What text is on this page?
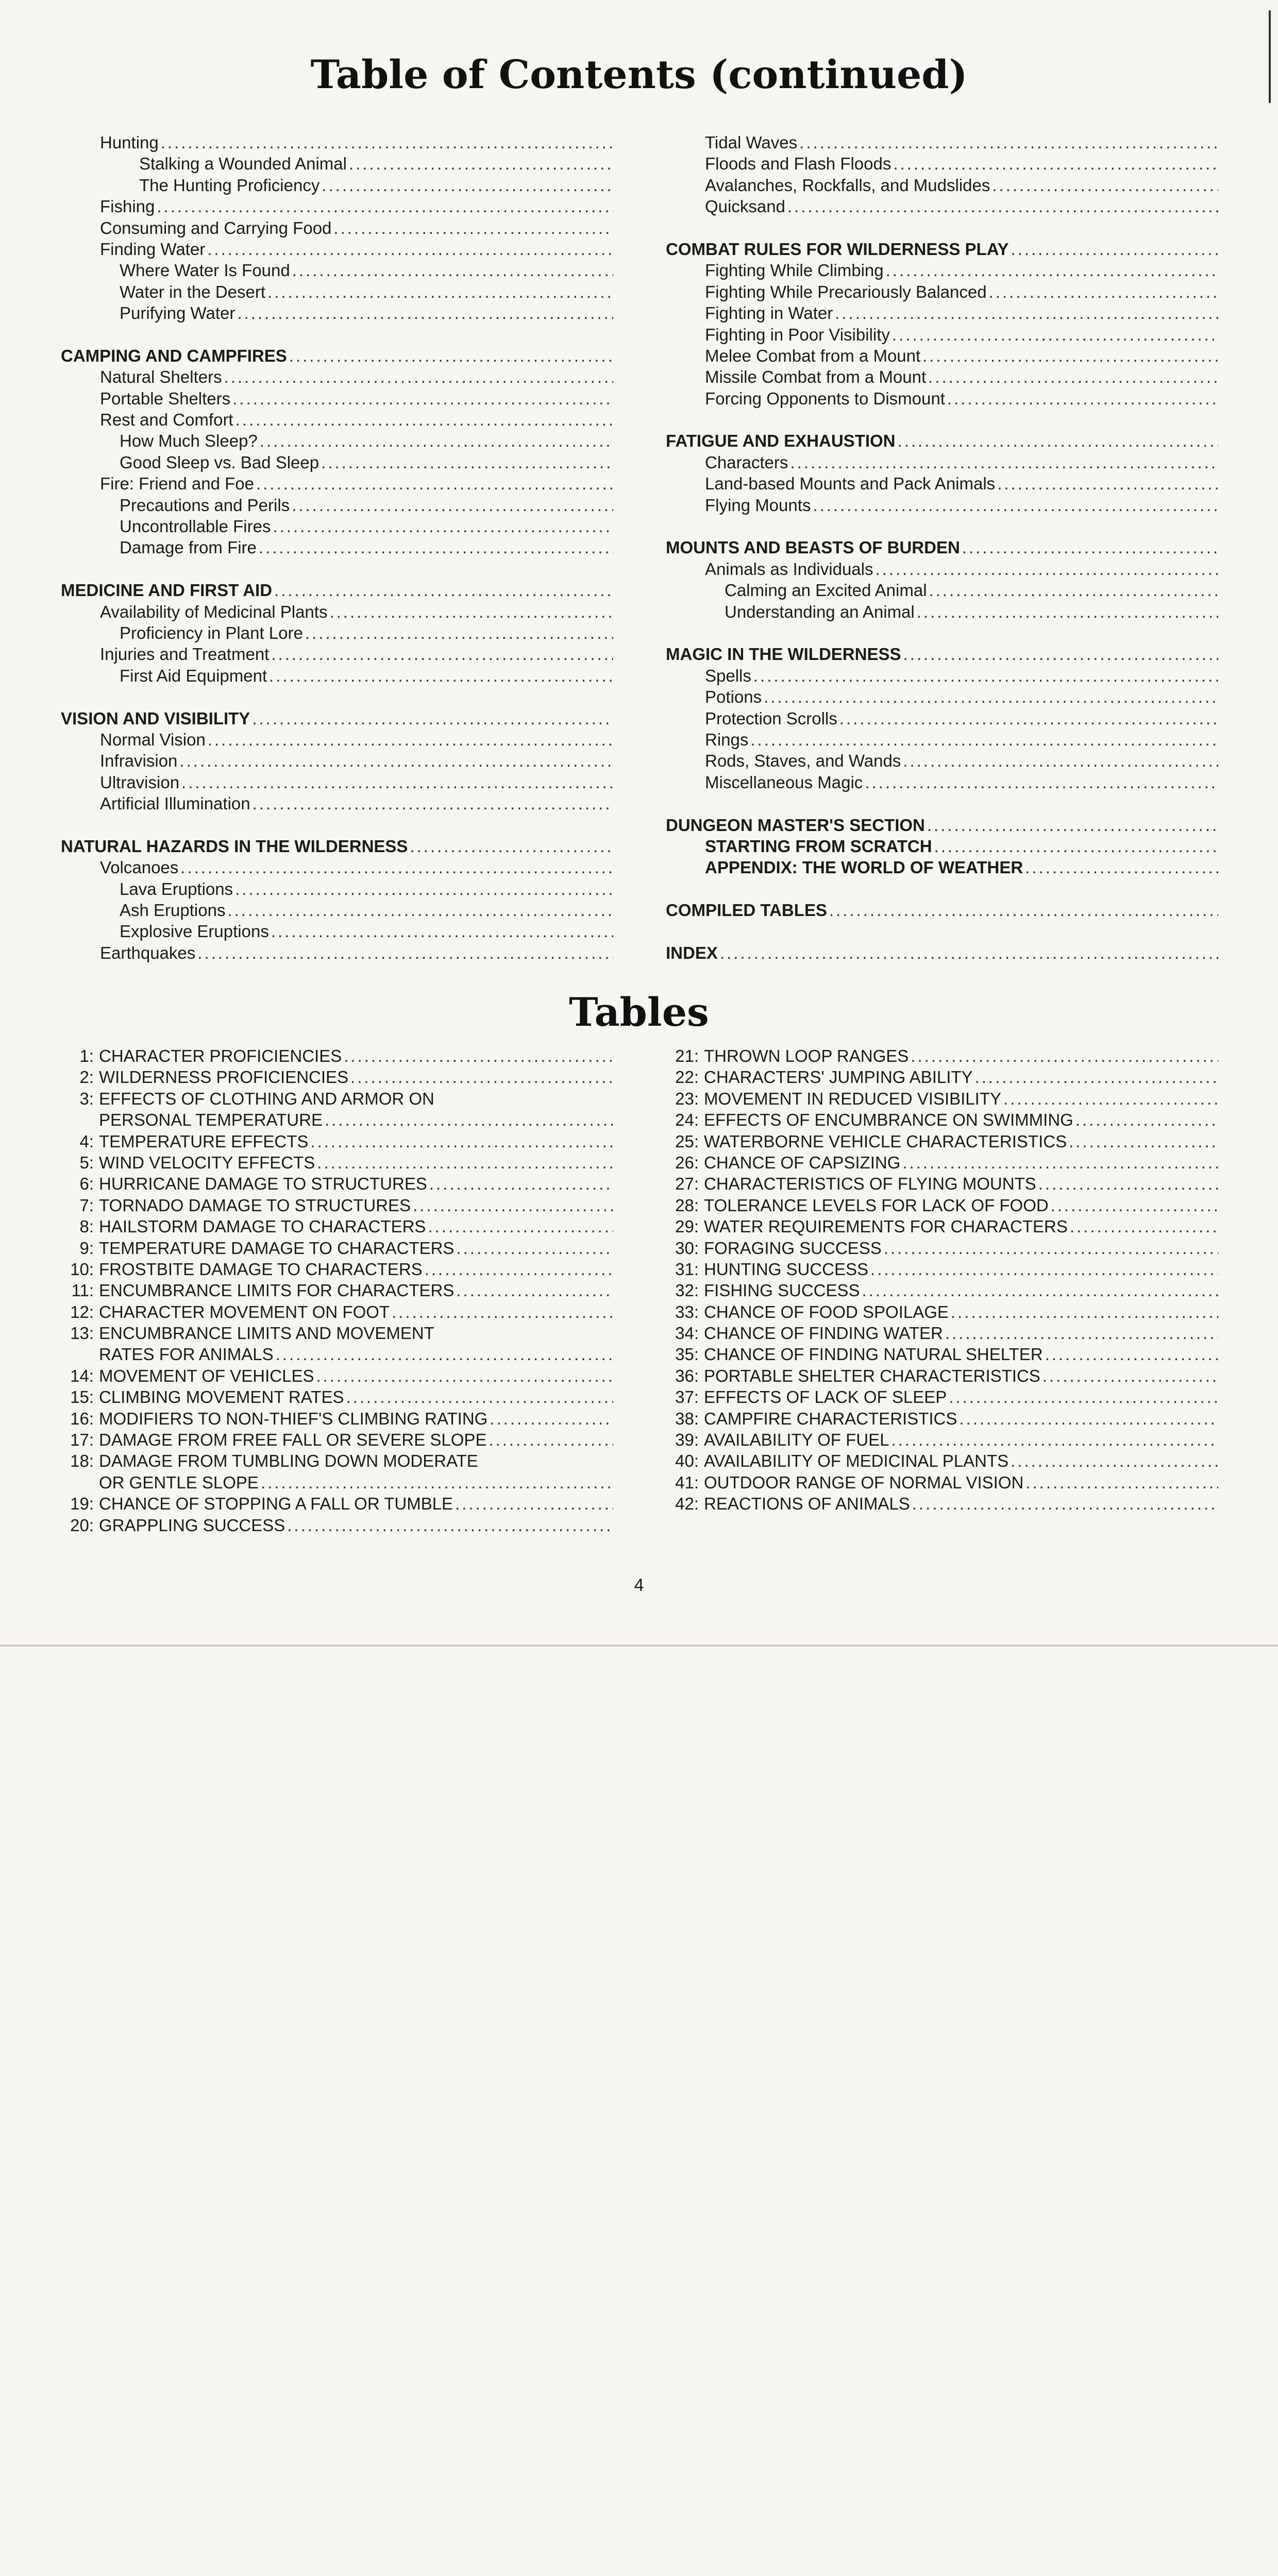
Table of Contents (continued)
Hunting
.....
Stalking a Wounded Animal
.....
The Hunting Proficiency
.....
Fishing
.....
Consuming and Carrying Food
.....
Finding Water
.....
Where Water Is Found
.....
Water in the Desert
.....
Purifying Water
.....
CAMPING AND CAMPFIRES
.....
Natural Shelters
.....
Portable Shelters
.....
Rest and Comfort
.....
How Much Sleep?
.....
Good Sleep vs. Bad Sleep
.....
Fire: Friend and Foe
.....
Precautions and Perils
.....
Uncontrollable Fires
.....
Damage from Fire
.....
MEDICINE AND FIRST AID
.....
Availability of Medicinal Plants
.....
Proficiency in Plant Lore
.....
Injuries and Treatment
.....
First Aid Equipment
.....
VISION AND VISIBILITY
.....
Normal Vision
.....
Infravision
.....
Ultravision
.....
Artificial Illumination
.....
NATURAL HAZARDS IN THE WILDERNESS
.....
Volcanoes
.....
Lava Eruptions
.....
Ash Eruptions
.....
Explosive Eruptions
.....
Earthquakes
.....
Tidal Waves
.....
Floods and Flash Floods
.....
Avalanches, Rockfalls, and Mudslides
.....
Quicksand
.....
COMBAT RULES FOR WILDERNESS PLAY
.....
Fighting While Climbing
.....
Fighting While Precariously Balanced
.....
Fighting in Water
.....
Fighting in Poor Visibility
.....
Melee Combat from a Mount
.....
Missile Combat from a Mount
.....
Forcing Opponents to Dismount
.....
FATIGUE AND EXHAUSTION
.....
Characters
.....
Land-based Mounts and Pack Animals
.....
Flying Mounts
.....
MOUNTS AND BEASTS OF BURDEN
.....
Animals as Individuals
.....
Calming an Excited Animal
.....
Understanding an Animal
.....
MAGIC IN THE WILDERNESS
.....
Spells
.....
Potions
.....
Protection Scrolls
.....
Rings
.....
Rods, Staves, and Wands
.....
Miscellaneous Magic
.....
DUNGEON MASTER'S SECTION
.....
STARTING FROM SCRATCH
.....
APPENDIX: THE WORLD OF WEATHER
.....
COMPILED TABLES
.....
INDEX
.....
Tables
1: CHARACTER PROFICIENCIES
.....
2: WILDERNESS PROFICIENCIES
.....
3: EFFECTS OF CLOTHING AND ARMOR ON
PERSONAL TEMPERATURE
.....
4: TEMPERATURE EFFECTS
.....
5: WIND VELOCITY EFFECTS
.....
6: HURRICANE DAMAGE TO STRUCTURES
.....
7: TORNADO DAMAGE TO STRUCTURES
.....
8: HAILSTORM DAMAGE TO CHARACTERS
.....
9: TEMPERATURE DAMAGE TO CHARACTERS
.....
10: FROSTBITE DAMAGE TO CHARACTERS
.....
11: ENCUMBRANCE LIMITS FOR CHARACTERS
.....
12: CHARACTER MOVEMENT ON FOOT
.....
13: ENCUMBRANCE LIMITS AND MOVEMENT
RATES FOR ANIMALS
.....
14: MOVEMENT OF VEHICLES
.....
15: CLIMBING MOVEMENT RATES
.....
16: MODIFIERS TO NON-THIEF'S CLIMBING RATING
.....
17: DAMAGE FROM FREE FALL OR SEVERE SLOPE
.....
18: DAMAGE FROM TUMBLING DOWN MODERATE
OR GENTLE SLOPE
.....
19: CHANCE OF STOPPING A FALL OR TUMBLE
.....
20: GRAPPLING SUCCESS
.....
21: THROWN LOOP RANGES
.....
22: CHARACTERS' JUMPING ABILITY
.....
23: MOVEMENT IN REDUCED VISIBILITY
.....
24: EFFECTS OF ENCUMBRANCE ON SWIMMING
.....
25: WATERBORNE VEHICLE CHARACTERISTICS
.....
26: CHANCE OF CAPSIZING
.....
27: CHARACTERISTICS OF FLYING MOUNTS
.....
28: TOLERANCE LEVELS FOR LACK OF FOOD
.....
29: WATER REQUIREMENTS FOR CHARACTERS
.....
30: FORAGING SUCCESS
.....
31: HUNTING SUCCESS
.....
32: FISHING SUCCESS
.....
33: CHANCE OF FOOD SPOILAGE
.....
34: CHANCE OF FINDING WATER
.....
35: CHANCE OF FINDING NATURAL SHELTER
.....
36: PORTABLE SHELTER CHARACTERISTICS
.....
37: EFFECTS OF LACK OF SLEEP
.....
38: CAMPFIRE CHARACTERISTICS
.....
39: AVAILABILITY OF FUEL
.....
40: AVAILABILITY OF MEDICINAL PLANTS
.....
41: OUTDOOR RANGE OF NORMAL VISION
.....
42: REACTIONS OF ANIMALS
.....
4
